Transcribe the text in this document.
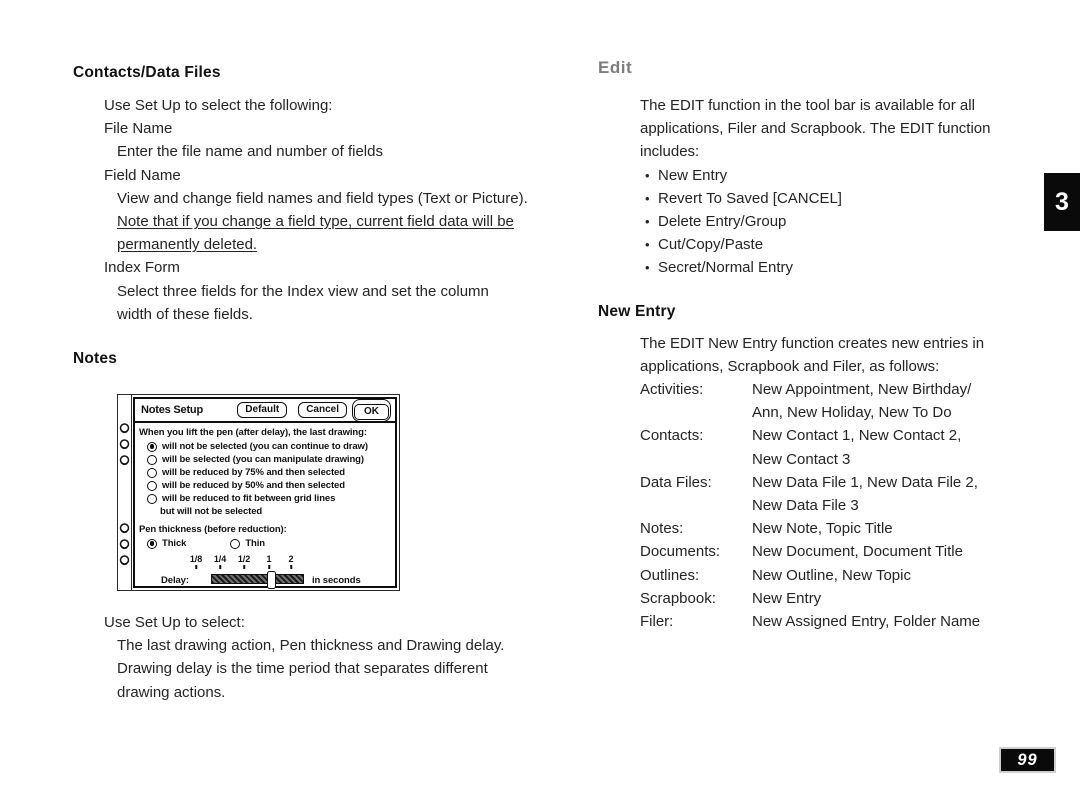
Contacts/Data Files
Use Set Up to select the following:
File Name
Enter the file name and number of fields
Field Name
View and change field names and field types (Text or Picture). Note that if you change a field type, current field data will be permanently deleted.
Index Form
Select three fields for the Index view and set the column width of these fields.
Notes
Notes Setup	Default	Cancel	OK
When you lift the pen (after delay), the last drawing:
will not be selected (you can continue to draw)
will be selected (you can manipulate drawing)
will be reduced by 75% and then selected
will be reduced by 50% and then selected
will be reduced to fit between grid lines
but will not be selected
Pen thickness (before reduction):
Thick	Thin
1/8 1/4 1/2 1 2
Delay:	in seconds
Use Set Up to select:
The last drawing action, Pen thickness and Drawing delay. Drawing delay is the time period that separates different drawing actions.
Edit
The EDIT function in the tool bar is available for all applications, Filer and Scrapbook. The EDIT function includes:
• New Entry
• Revert To Saved [CANCEL]
• Delete Entry/Group
• Cut/Copy/Paste
• Secret/Normal Entry
New Entry
The EDIT New Entry function creates new entries in applications, Scrapbook and Filer, as follows:
Activities:	New Appointment, New Birthday/
Ann, New Holiday, New To Do
Contacts:	New Contact 1, New Contact 2,
New Contact 3
Data Files:	New Data File 1, New Data File 2,
New Data File 3
Notes:	New Note, Topic Title
Documents:	New Document, Document Title
Outlines:	New Outline, New Topic
Scrapbook:	New Entry
Filer:	New Assigned Entry, Folder Name
3
99
